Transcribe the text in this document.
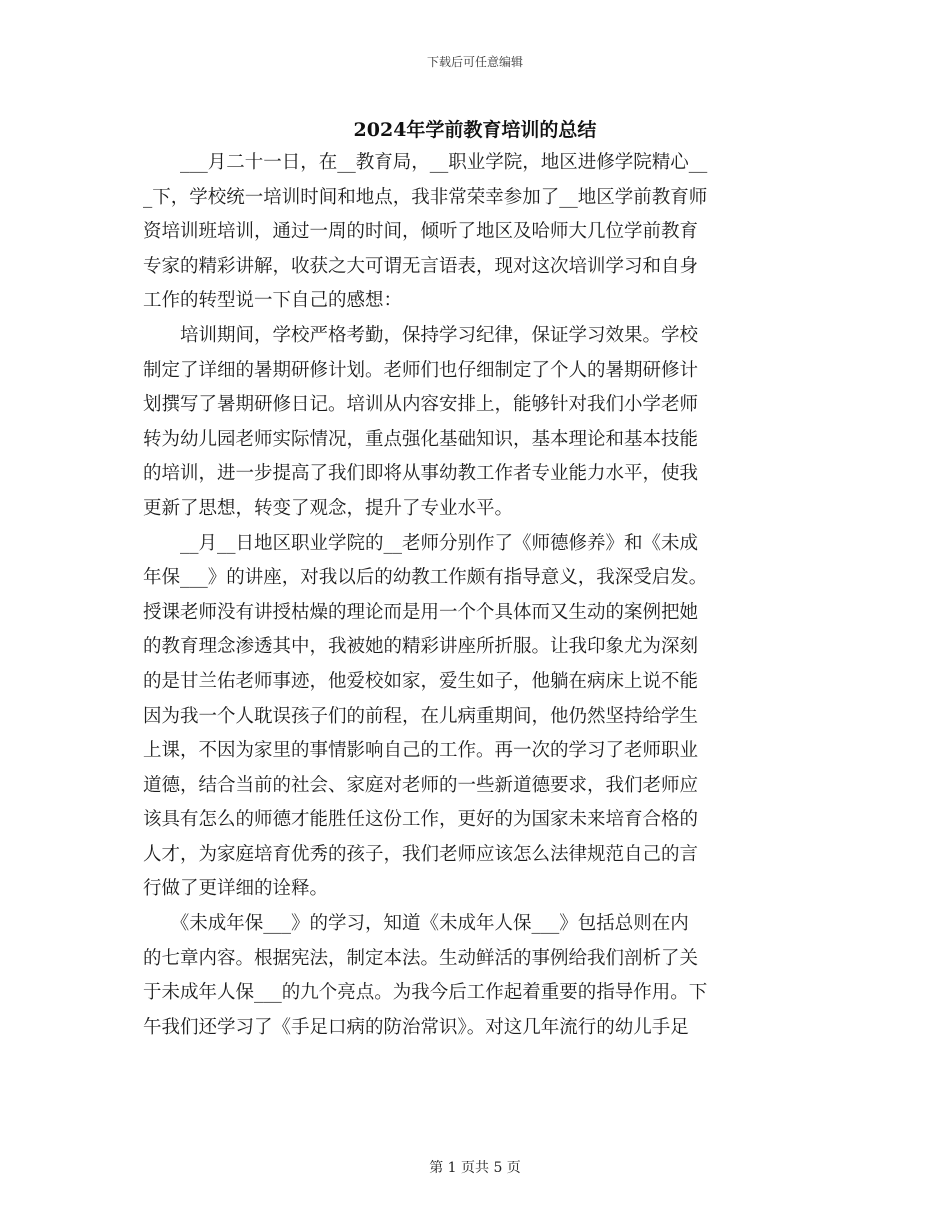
下载后可任意编辑
2024年学前教育培训的总结
　　___月二十一日，在__教育局，__职业学院，地区进修学院精心__
_下，学校统一培训时间和地点，我非常荣幸参加了__地区学前教育师
资培训班培训，通过一周的时间，倾听了地区及哈师大几位学前教育
专家的精彩讲解，收获之大可谓无言语表，现对这次培训学习和自身
工作的转型说一下自己的感想：
　　培训期间，学校严格考勤，保持学习纪律，保证学习效果。学校
制定了详细的暑期研修计划。老师们也仔细制定了个人的暑期研修计
划撰写了暑期研修日记。培训从内容安排上，能够针对我们小学老师
转为幼儿园老师实际情况，重点强化基础知识，基本理论和基本技能
的培训，进一步提高了我们即将从事幼教工作者专业能力水平，使我
更新了思想，转变了观念，提升了专业水平。
　　__月__日地区职业学院的__老师分别作了《师德修养》和《未成
年保___》的讲座，对我以后的幼教工作颇有指导意义，我深受启发。
授课老师没有讲授枯燥的理论而是用一个个具体而又生动的案例把她
的教育理念渗透其中，我被她的精彩讲座所折服。让我印象尤为深刻
的是甘兰佑老师事迹，他爱校如家，爱生如子，他躺在病床上说不能
因为我一个人耽误孩子们的前程，在儿病重期间，他仍然坚持给学生
上课，不因为家里的事情影响自己的工作。再一次的学习了老师职业
道德，结合当前的社会、家庭对老师的一些新道德要求，我们老师应
该具有怎么的师德才能胜任这份工作，更好的为国家未来培育合格的
人才，为家庭培育优秀的孩子，我们老师应该怎么法律规范自己的言
行做了更详细的诠释。
　　《未成年保___》的学习，知道《未成年人保___》包括总则在内
的七章内容。根据宪法，制定本法。生动鲜活的事例给我们剖析了关
于未成年人保___的九个亮点。为我今后工作起着重要的指导作用。下
午我们还学习了《手足口病的防治常识》。对这几年流行的幼儿手足
第 1 页共 5 页
